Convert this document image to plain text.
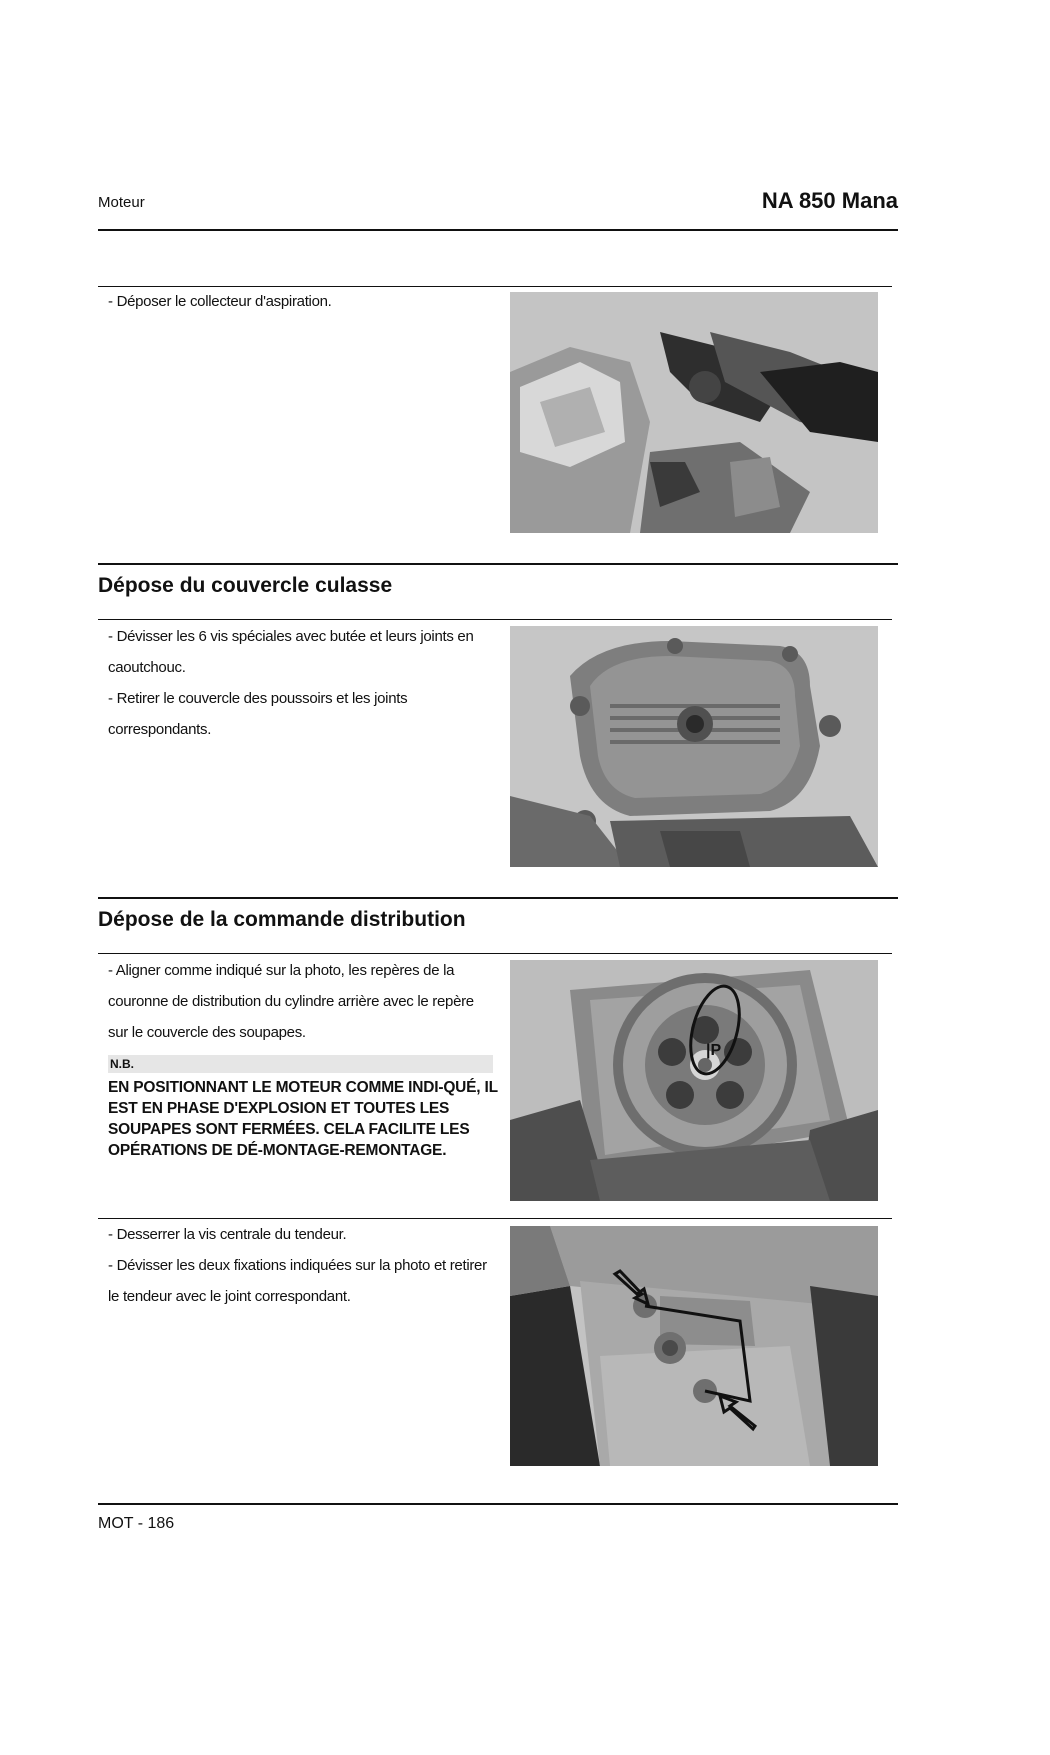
Moteur	NA 850 Mana

- Déposer le collecteur d'aspiration.

Dépose du couvercle culasse

- Dévisser les 6 vis spéciales avec butée et leurs joints en caoutchouc.

- Retirer le couvercle des poussoirs et les joints correspondants.

Dépose de la commande distribution

- Aligner comme indiqué sur la photo, les repères de la couronne de distribution du cylindre arrière avec le repère sur le couvercle des soupapes.

N.B.
EN POSITIONNANT LE MOTEUR COMME INDI-QUÉ, IL EST EN PHASE D'EXPLOSION ET TOUTES LES SOUPAPES SONT FERMÉES. CELA FACILITE LES OPÉRATIONS DE DÉ-MONTAGE-REMONTAGE.
|P

- Desserrer la vis centrale du tendeur.

- Dévisser les deux fixations indiquées sur la photo et retirer le tendeur avec le joint correspondant.

MOT - 186
